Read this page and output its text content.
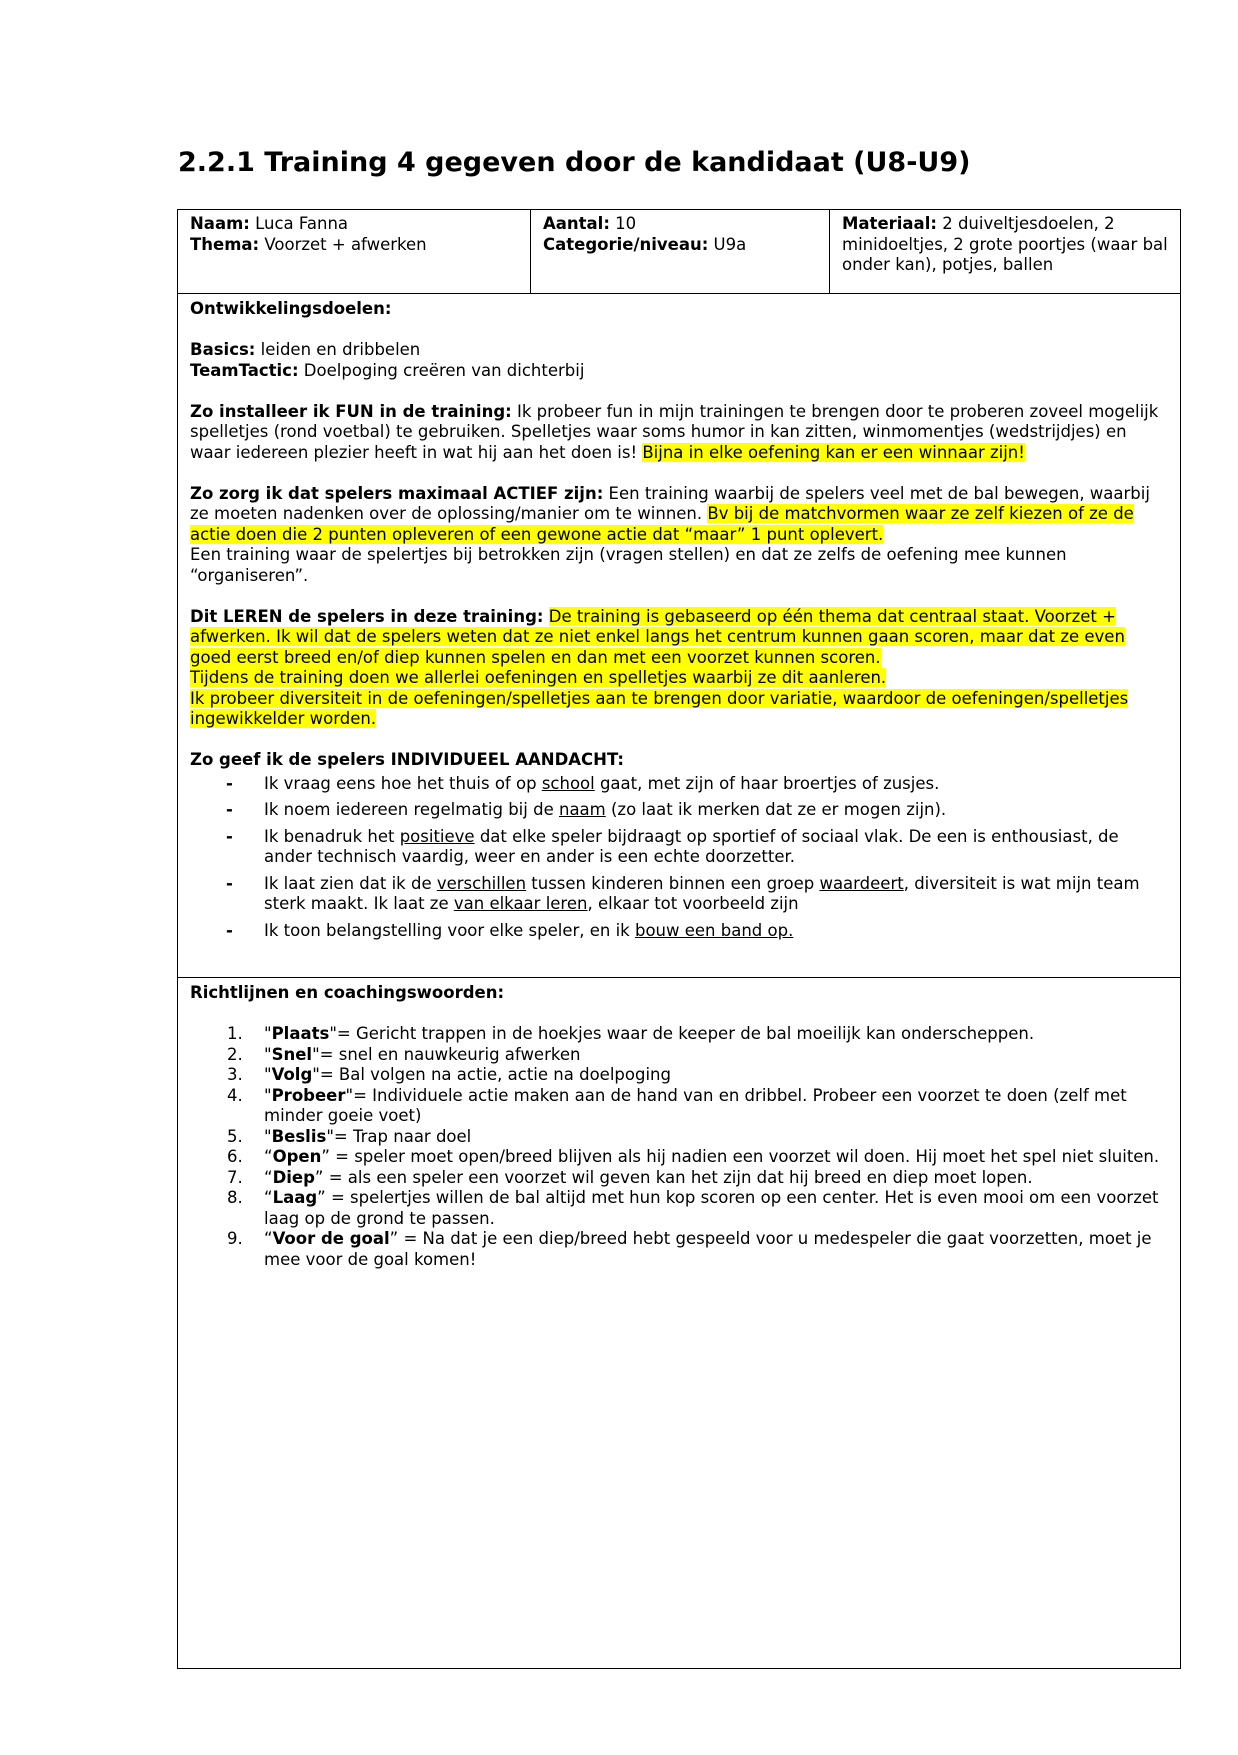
2.2.1 Training 4 gegeven door de kandidaat (U8-U9)
Naam: Luca Fanna
Thema: Voorzet + afwerken
Aantal: 10
Categorie/niveau: U9a
Materiaal: 2 duiveltjesdoelen, 2 minidoeltjes, 2 grote poortjes (waar bal onder kan), potjes, ballen

Ontwikkelingsdoelen:

Basics: leiden en dribbelen

TeamTactic: Doelpoging creëren van dichterbij

Zo installeer ik FUN in de training: Ik probeer fun in mijn trainingen te brengen door te proberen zoveel mogelijk spelletjes (rond voetbal) te gebruiken. Spelletjes waar soms humor in kan zitten, winmomentjes (wedstrijdjes) en waar iedereen plezier heeft in wat hij aan het doen is! Bijna in elke oefening kan er een winnaar zijn!

Zo zorg ik dat spelers maximaal ACTIEF zijn: Een training waarbij de spelers veel met de bal bewegen, waarbij ze moeten nadenken over de oplossing/manier om te winnen. Bv bij de matchvormen waar ze zelf kiezen of ze de actie doen die 2 punten opleveren of een gewone actie dat “maar” 1 punt oplevert.

Een training waar de spelertjes bij betrokken zijn (vragen stellen) en dat ze zelfs de oefening mee kunnen “organiseren”.

Dit LEREN de spelers in deze training: De training is gebaseerd op één thema dat centraal staat. Voorzet + afwerken. Ik wil dat de spelers weten dat ze niet enkel langs het centrum kunnen gaan scoren, maar dat ze even goed eerst breed en/of diep kunnen spelen en dan met een voorzet kunnen scoren.

Tijdens de training doen we allerlei oefeningen en spelletjes waarbij ze dit aanleren.

Ik probeer diversiteit in de oefeningen/spelletjes aan te brengen door variatie, waardoor de oefeningen/spelletjes ingewikkelder worden.

Zo geef ik de spelers INDIVIDUEEL AANDACHT:

- Ik vraag eens hoe het thuis of op school gaat, met zijn of haar broertjes of zusjes.
- Ik noem iedereen regelmatig bij de naam (zo laat ik merken dat ze er mogen zijn).
- Ik benadruk het positieve dat elke speler bijdraagt op sportief of sociaal vlak. De een is enthousiast, de ander technisch vaardig, weer en ander is een echte doorzetter.
- Ik laat zien dat ik de verschillen tussen kinderen binnen een groep waardeert, diversiteit is wat mijn team sterk maakt. Ik laat ze van elkaar leren, elkaar tot voorbeeld zijn
- Ik toon belangstelling voor elke speler, en ik bouw een band op.

Richtlijnen en coachingswoorden:

1. "Plaats"= Gericht trappen in de hoekjes waar de keeper de bal moeilijk kan onderscheppen.
2. "Snel"= snel en nauwkeurig afwerken
3. "Volg"= Bal volgen na actie, actie na doelpoging
4. "Probeer"= Individuele actie maken aan de hand van en dribbel. Probeer een voorzet te doen (zelf met minder goeie voet)
5. "Beslis"= Trap naar doel
6. “Open” = speler moet open/breed blijven als hij nadien een voorzet wil doen. Hij moet het spel niet sluiten.
7. “Diep” = als een speler een voorzet wil geven kan het zijn dat hij breed en diep moet lopen.
8. “Laag” = spelertjes willen de bal altijd met hun kop scoren op een center. Het is even mooi om een voorzet laag op de grond te passen.
9. “Voor de goal” = Na dat je een diep/breed hebt gespeeld voor u medespeler die gaat voorzetten, moet je mee voor de goal komen!
